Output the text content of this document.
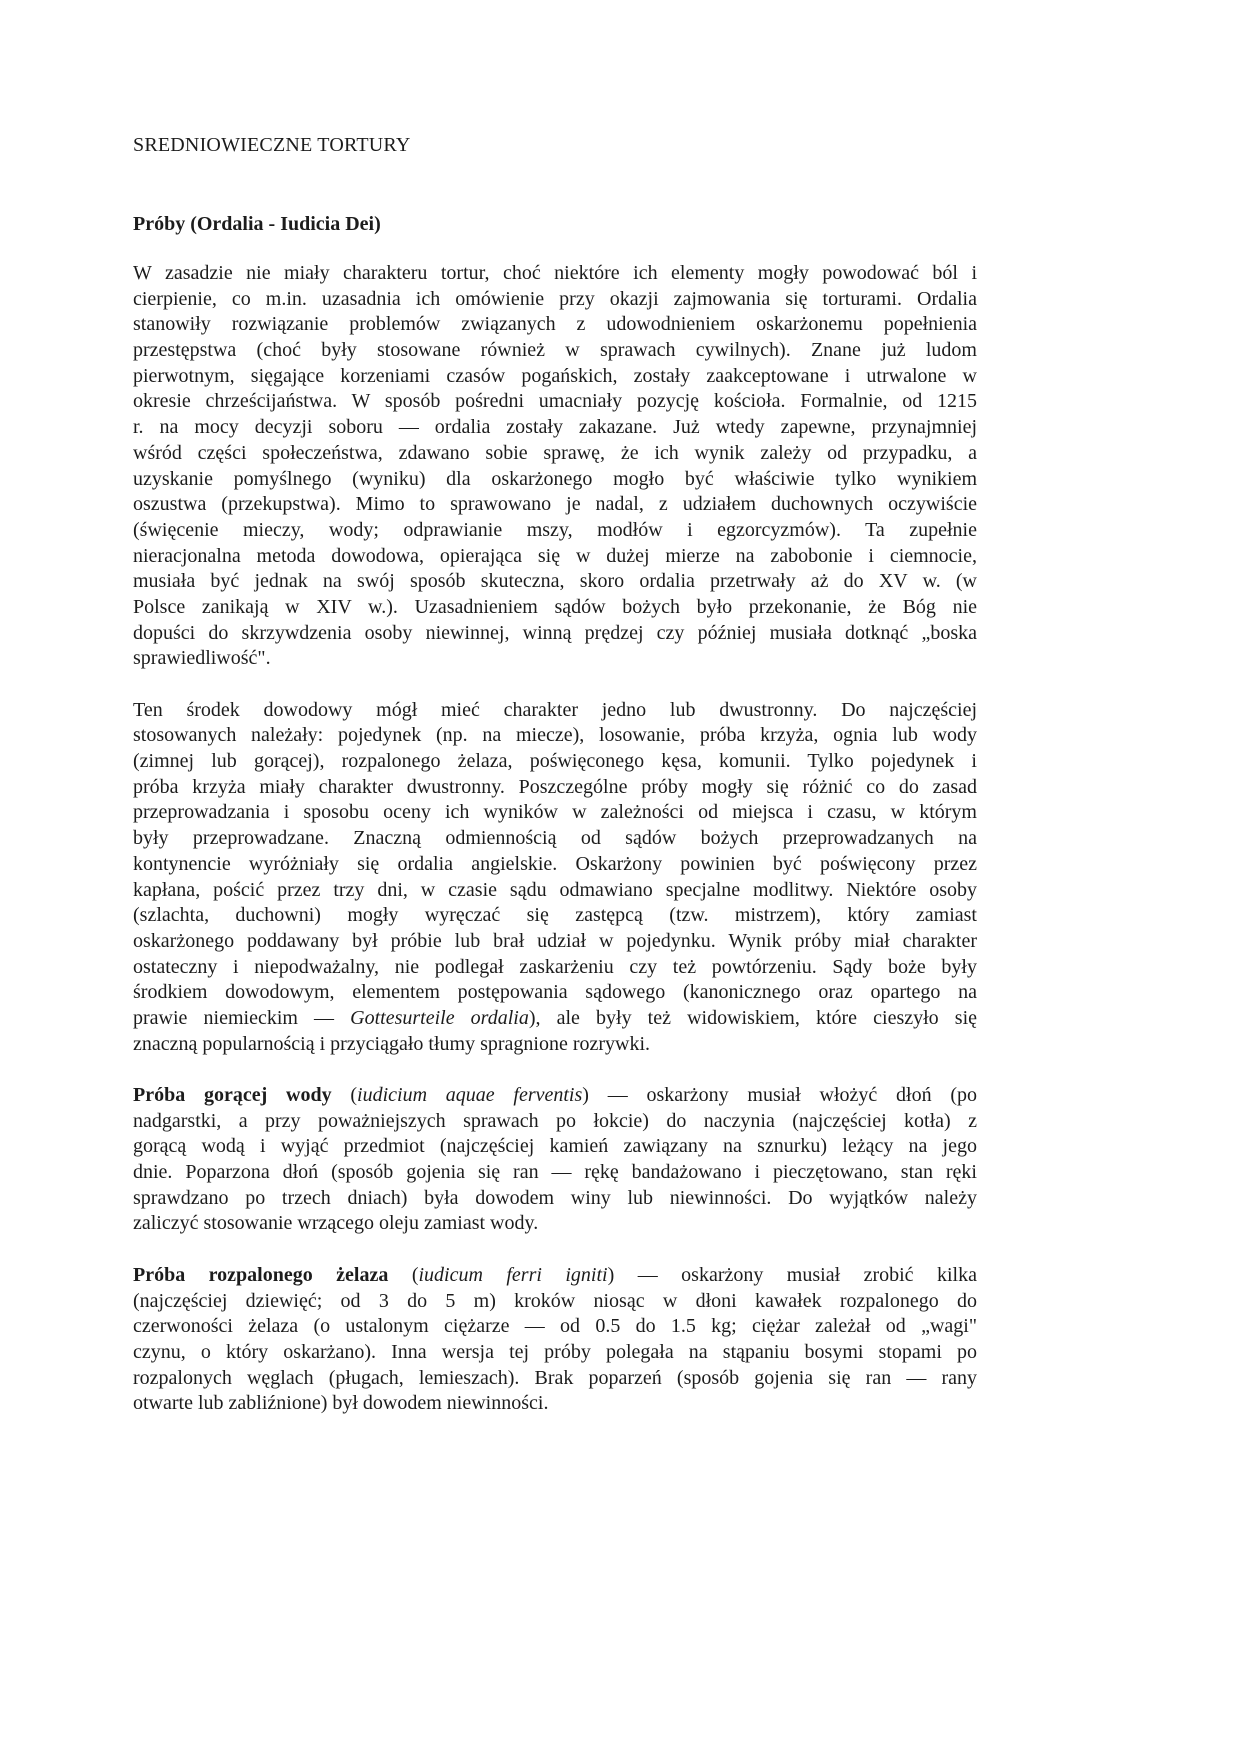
SREDNIOWIECZNE TORTURY
Próby (Ordalia - Iudicia Dei)
W zasadzie nie miały charakteru tortur, choć niektóre ich elementy mogły powodować ból i
cierpienie, co m.in. uzasadnia ich omówienie przy okazji zajmowania się torturami. Ordalia
stanowiły rozwiązanie problemów związanych z udowodnieniem oskarżonemu popełnienia
przestępstwa (choć były stosowane również w sprawach cywilnych). Znane już ludom
pierwotnym, sięgające korzeniami czasów pogańskich, zostały zaakceptowane i utrwalone w
okresie chrześcijaństwa. W sposób pośredni umacniały pozycję kościoła. Formalnie, od 1215
r. na mocy decyzji soboru — ordalia zostały zakazane. Już wtedy zapewne, przynajmniej
wśród części społeczeństwa, zdawano sobie sprawę, że ich wynik zależy od przypadku, a
uzyskanie pomyślnego (wyniku) dla oskarżonego mogło być właściwie tylko wynikiem
oszustwa (przekupstwa). Mimo to sprawowano je nadal, z udziałem duchownych oczywiście
(święcenie mieczy, wody; odprawianie mszy, modłów i egzorcyzmów). Ta zupełnie
nieracjonalna metoda dowodowa, opierająca się w dużej mierze na zabobonie i ciemnocie,
musiała być jednak na swój sposób skuteczna, skoro ordalia przetrwały aż do XV w. (w
Polsce zanikają w XIV w.). Uzasadnieniem sądów bożych było przekonanie, że Bóg nie
dopuści do skrzywdzenia osoby niewinnej, winną prędzej czy później musiała dotknąć „boska
sprawiedliwość".
Ten środek dowodowy mógł mieć charakter jedno lub dwustronny. Do najczęściej
stosowanych należały: pojedynek (np. na miecze), losowanie, próba krzyża, ognia lub wody
(zimnej lub gorącej), rozpalonego żelaza, poświęconego kęsa, komunii. Tylko pojedynek i
próba krzyża miały charakter dwustronny. Poszczególne próby mogły się różnić co do zasad
przeprowadzania i sposobu oceny ich wyników w zależności od miejsca i czasu, w którym
były przeprowadzane. Znaczną odmiennością od sądów bożych przeprowadzanych na
kontynencie wyróżniały się ordalia angielskie. Oskarżony powinien być poświęcony przez
kapłana, pościć przez trzy dni, w czasie sądu odmawiano specjalne modlitwy. Niektóre osoby
(szlachta, duchowni) mogły wyręczać się zastępcą (tzw. mistrzem), który zamiast
oskarżonego poddawany był próbie lub brał udział w pojedynku. Wynik próby miał charakter
ostateczny i niepodważalny, nie podlegał zaskarżeniu czy też powtórzeniu. Sądy boże były
środkiem dowodowym, elementem postępowania sądowego (kanonicznego oraz opartego na
prawie niemieckim — Gottesurteile ordalia), ale były też widowiskiem, które cieszyło się
znaczną popularnością i przyciągało tłumy spragnione rozrywki.
Próba gorącej wody (iudicium aquae ferventis) — oskarżony musiał włożyć dłoń (po
nadgarstki, a przy poważniejszych sprawach po łokcie) do naczynia (najczęściej kotła) z
gorącą wodą i wyjąć przedmiot (najczęściej kamień zawiązany na sznurku) leżący na jego
dnie. Poparzona dłoń (sposób gojenia się ran — rękę bandażowano i pieczętowano, stan ręki
sprawdzano po trzech dniach) była dowodem winy lub niewinności. Do wyjątków należy
zaliczyć stosowanie wrzącego oleju zamiast wody.
Próba rozpalonego żelaza (iudicum ferri igniti) — oskarżony musiał zrobić kilka
(najczęściej dziewięć; od 3 do 5 m) kroków niosąc w dłoni kawałek rozpalonego do
czerwoności żelaza (o ustalonym ciężarze — od 0.5 do 1.5 kg; ciężar zależał od „wagi"
czynu, o który oskarżano). Inna wersja tej próby polegała na stąpaniu bosymi stopami po
rozpalonych węglach (pługach, lemieszach). Brak poparzeń (sposób gojenia się ran — rany
otwarte lub zabliźnione) był dowodem niewinności.
